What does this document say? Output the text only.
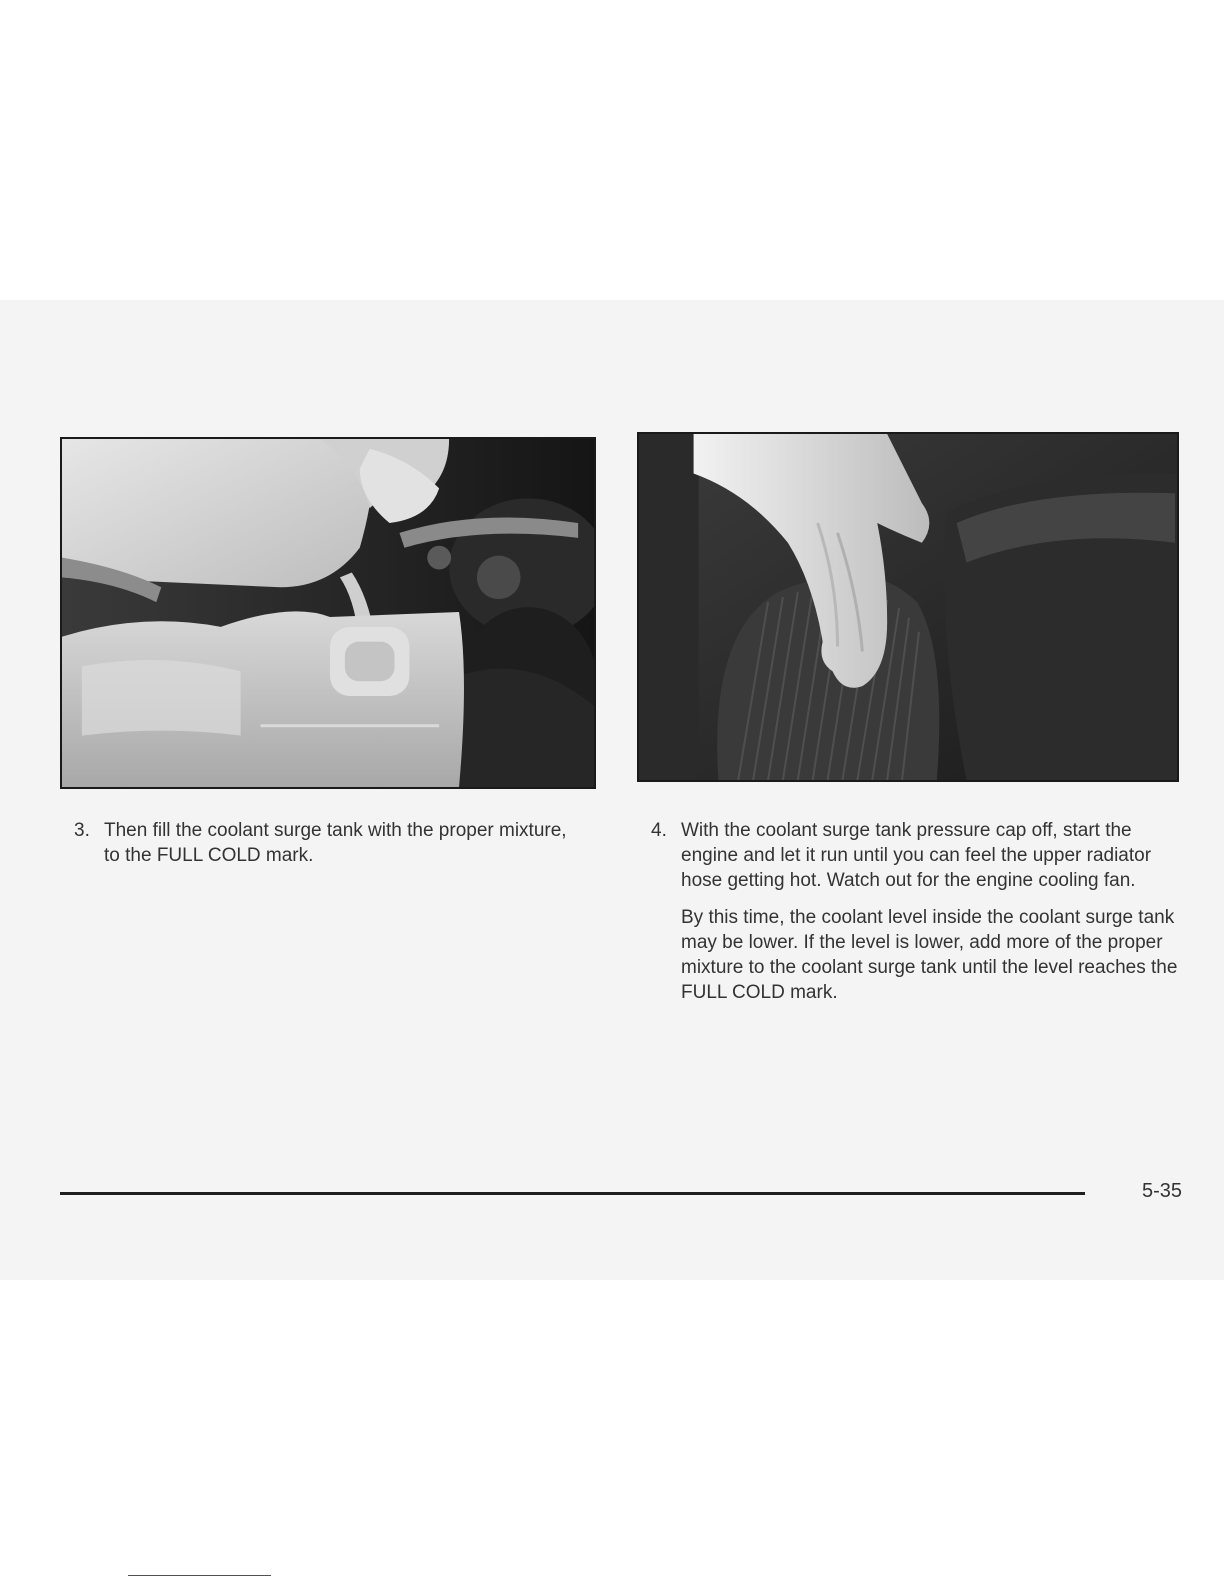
3. Then fill the coolant surge tank with the proper mixture, to the FULL COLD mark.

4. With the coolant surge tank pressure cap off, start the engine and let it run until you can feel the upper radiator hose getting hot. Watch out for the engine cooling fan.

By this time, the coolant level inside the coolant surge tank may be lower. If the level is lower, add more of the proper mixture to the coolant surge tank until the level reaches the FULL COLD mark.

5-35
